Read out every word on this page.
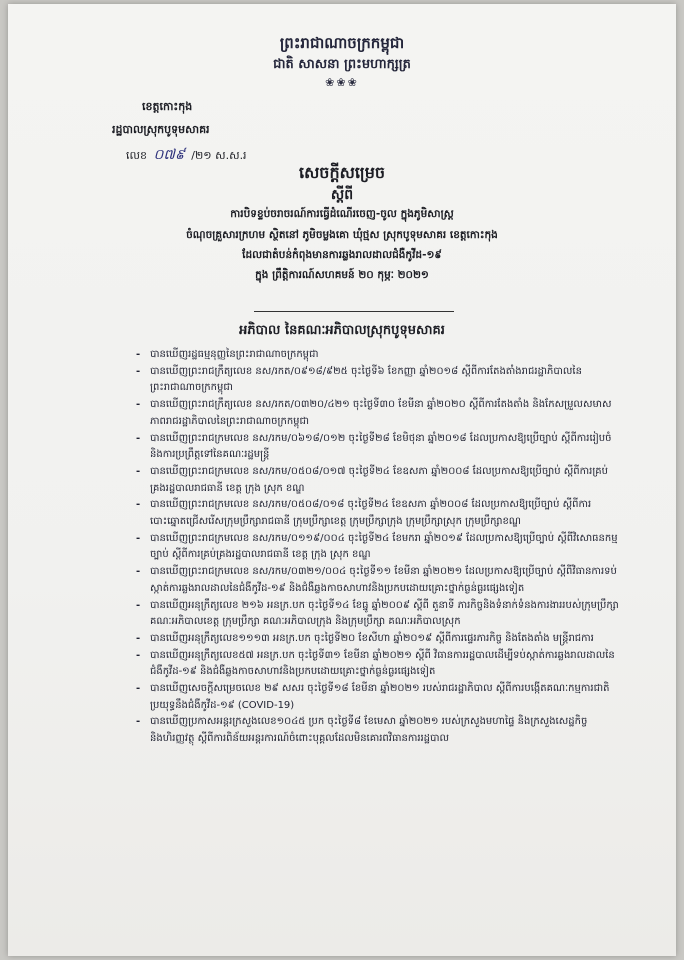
ព្រះរាជាណាចក្រកម្ពុជា
ជាតិ សាសនា ព្រះមហាក្សត្រ
❀❀❀
ខេត្តកោះកុង
រដ្ឋបាលស្រុកបូទុមសាគរ
លេខ ០៧៩ /២១ ស.ស.រ
សេចក្តីសម្រេច
ស្តីពី
ការបិទខ្ទប់ចរាចរណ៍ការធ្វើដំណើរចេញ-ចូល ក្នុងភូមិសាស្ត្រ
ចំណុចគ្រួសារក្រហម ស្ថិតនៅ ភូមិចម្លងគោ ឃុំថ្មស ស្រុកបូទុមសាគរ ខេត្តកោះកុង
ដែលជាតំបន់កំពុងមានការឆ្លងរាលដាលជំងឺកូវីដ-១៩
ក្នុង ព្រឹត្តិការណ៍សហគមន៍ ២០ កុម្ភៈ ២០២១
អភិបាល នៃគណៈអភិបាលស្រុកបូទុមសាគរ
- បានឃើញរដ្ឋធម្មនុញ្ញនៃព្រះរាជាណាចក្រកម្ពុជា
- បានឃើញព្រះរាជក្រឹត្យលេខ នស/រកត/០៩១៨/៩២៥ ចុះថ្ងៃទី៦ ខែកញ្ញា ឆ្នាំ២០១៨ ស្តីពីការតែងតាំងរាជរដ្ឋាភិបាលនៃព្រះរាជាណាចក្រកម្ពុជា
- បានឃើញព្រះរាជក្រឹត្យលេខ នស/រកត/០៣២០/៤២១ ចុះថ្ងៃទី៣០ ខែមីនា ឆ្នាំ២០២០ ស្តីពីការតែងតាំង និងកែសម្រួលសមាសភាពរាជរដ្ឋាភិបាលនៃព្រះរាជាណាចក្រកម្ពុជា
- បានឃើញព្រះរាជក្រមលេខ នស/រកម/០៦១៨/០១២ ចុះថ្ងៃទី២៨ ខែមិថុនា ឆ្នាំ២០១៨ ដែលប្រកាសឱ្យប្រើច្បាប់ ស្តីពីការរៀបចំ និងការប្រព្រឹត្តទៅនៃគណៈរដ្ឋមន្ត្រី
- បានឃើញព្រះរាជក្រមលេខ នស/រកម/០៥០៨/០១៧ ចុះថ្ងៃទី២៤ ខែឧសភា ឆ្នាំ២០០៨ ដែលប្រកាសឱ្យប្រើច្បាប់ ស្តីពីការគ្រប់គ្រងរដ្ឋបាលរាជធានី ខេត្ត ក្រុង ស្រុក ខណ្ឌ
- បានឃើញព្រះរាជក្រមលេខ នស/រកម/០៥០៨/០១៨ ចុះថ្ងៃទី២៤ ខែឧសភា ឆ្នាំ២០០៨ ដែលប្រកាសឱ្យប្រើច្បាប់ ស្តីពីការបោះឆ្នោតជ្រើសរើសក្រុមប្រឹក្សារាជធានី ក្រុមប្រឹក្សាខេត្ត ក្រុមប្រឹក្សាក្រុង ក្រុមប្រឹក្សាស្រុក ក្រុមប្រឹក្សាខណ្ឌ
- បានឃើញព្រះរាជក្រមលេខ នស/រកម/០១១៩/០០៤ ចុះថ្ងៃទី២៤ ខែមករា ឆ្នាំ២០១៩ ដែលប្រកាសឱ្យប្រើច្បាប់ ស្តីពីវិសោធនកម្មច្បាប់ ស្តីពីការគ្រប់គ្រងរដ្ឋបាលរាជធានី ខេត្ត ក្រុង ស្រុក ខណ្ឌ
- បានឃើញព្រះរាជក្រមលេខ នស/រកម/០៣២១/០០៤ ចុះថ្ងៃទី១១ ខែមីនា ឆ្នាំ២០២១ ដែលប្រកាសឱ្យប្រើច្បាប់ ស្តីពីវិធានការទប់ស្កាត់ការឆ្លងរាលដាលនៃជំងឺកូវីដ-១៩ និងជំងឺឆ្លងកាចសាហាវនិងប្រកបដោយគ្រោះថ្នាក់ធ្ងន់ធ្ងរផ្សេងទៀត
- បានឃើញអនុក្រឹត្យលេខ ២១៦ អនក្រ.បក ចុះថ្ងៃទី១៤ ខែធ្នូ ឆ្នាំ២០០៩ ស្តីពី តួនាទី ភារកិច្ចនិងទំនាក់ទំនងការងាររបស់ក្រុមប្រឹក្សា គណៈអភិបាលខេត្ត ក្រុមប្រឹក្សា គណៈអភិបាលក្រុង និងក្រុមប្រឹក្សា គណៈអភិបាលស្រុក
- បានឃើញអនុក្រឹត្យលេខ១១១៣ អនក្រ.បក ចុះថ្ងៃទី២០ ខែសីហា ឆ្នាំ២០១៩ ស្តីពីការផ្ទេរភារកិច្ច និងតែងតាំង មន្ត្រីរាជការ
- បានឃើញអនុក្រឹត្យលេខ៥៧ អនក្រ.បក ចុះថ្ងៃទី៣១ ខែមីនា ឆ្នាំ២០២១ ស្តីពី វិធានការរដ្ឋបាលដើម្បីទប់ស្កាត់ការឆ្លងរាលដាលនៃជំងឺកូវីដ-១៩ និងជំងឺឆ្លងកាចសាហាវនិងប្រកបដោយគ្រោះថ្នាក់ធ្ងន់ធ្ងរផ្សេងទៀត
- បានឃើញសេចក្តីសម្រេចលេខ ២៩ សសរ ចុះថ្ងៃទី១៨ ខែមីនា ឆ្នាំ២០២១ របស់រាជរដ្ឋាភិបាល ស្តីពីការបង្កើតគណៈកម្មការជាតិប្រយុទ្ធនឹងជំងឺកូវីដ-១៩ (COVID-19)
- បានឃើញប្រកាសអន្តរក្រសួងលេខ១០៤៥ ប្រក ចុះថ្ងៃទី៨ ខែមេសា ឆ្នាំ២០២១ របស់ក្រសួងមហាផ្ទៃ និងក្រសួងសេដ្ឋកិច្ច និងហិរញ្ញវត្ថុ ស្តីពីការពិន័យអន្តរការណ៍ចំពោះបុគ្គលដែលមិនគោរពវិធានការរដ្ឋបាល
